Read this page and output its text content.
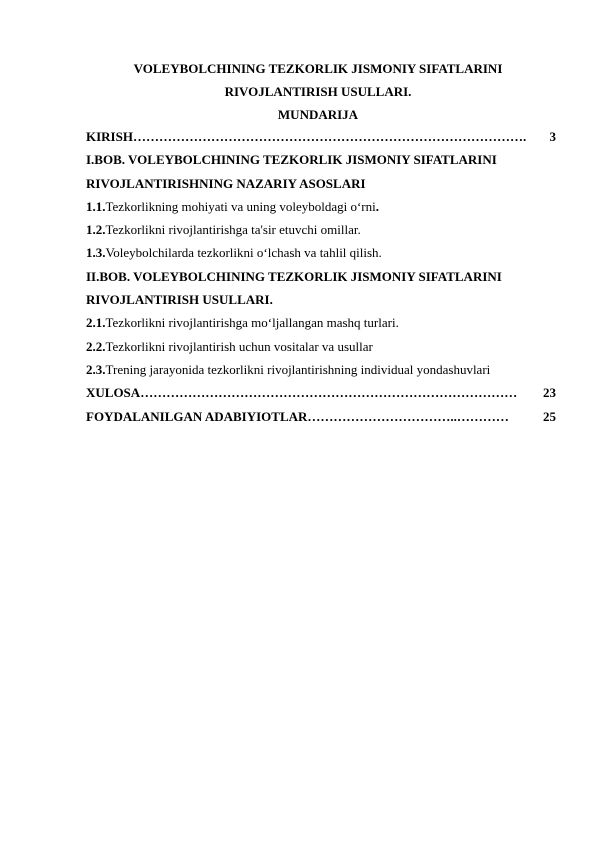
VOLEYBOLCHINING TEZKORLIK JISMONIY SIFATLARINI
RIVOJLANTIRISH USULLARI.
MUNDARIJA
KIRISH ……………………………………………………………………………….	3
I.BOB. VOLEYBOLCHINING TEZKORLIK JISMONIY SIFATLARINI
RIVOJLANTIRISHNING NAZARIY ASOSLARI
1.1. Tezkorlikning mohiyati va uning voleyboldagi o‘rni .
1.2. Tezkorlikni rivojlantirishga ta'sir etuvchi omillar.
1.3. Voleybolchilarda tezkorlikni o‘lchash va tahlil qilish.
II.BOB. VOLEYBOLCHINING TEZKORLIK JISMONIY SIFATLARINI
RIVOJLANTIRISH USULLARI.
2.1. Tezkorlikni rivojlantirishga mo‘ljallangan mashq turlari.
2.2. Tezkorlikni rivojlantirish uchun vositalar va usullar
2.3. Trening jarayonida tezkorlikni rivojlantirishning individual yondashuvlari
XULOSA ……………………………………………………………………………	23
FOYDALANILGAN ADABIYIOTLAR ……………………………..…………	25
